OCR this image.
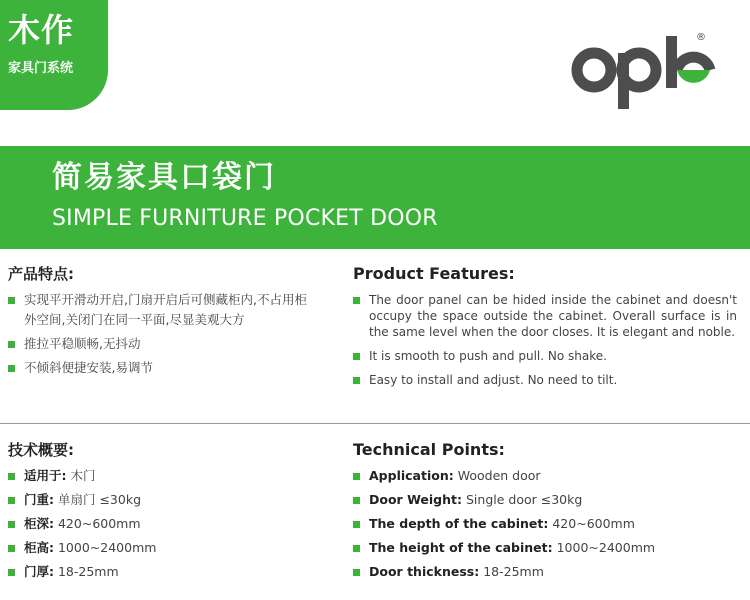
木作
家具门系统
®
简易家具口袋门
SIMPLE FURNITURE POCKET DOOR
产品特点:
实现平开滑动开启,门扇开启后可侧藏柜内,不占用柜外空间,关闭门在同一平面,尽显美观大方
推拉平稳顺畅,无抖动
不倾斜便捷安装,易调节
Product Features:
The door panel can be hided inside the cabinet and doesn't occupy the space outside the cabinet. Overall surface is in the same level when the door closes. It is elegant and noble.
It is smooth to push and pull. No shake.
Easy to install and adjust. No need to tilt.
技术概要:
适用于: 木门
门重: 单扇门 ≤30kg
柜深: 420~600mm
柜高: 1000~2400mm
门厚: 18-25mm
Technical Points:
Application: Wooden door
Door Weight: Single door ≤30kg
The depth of the cabinet: 420~600mm
The height of the cabinet: 1000~2400mm
Door thickness: 18-25mm
